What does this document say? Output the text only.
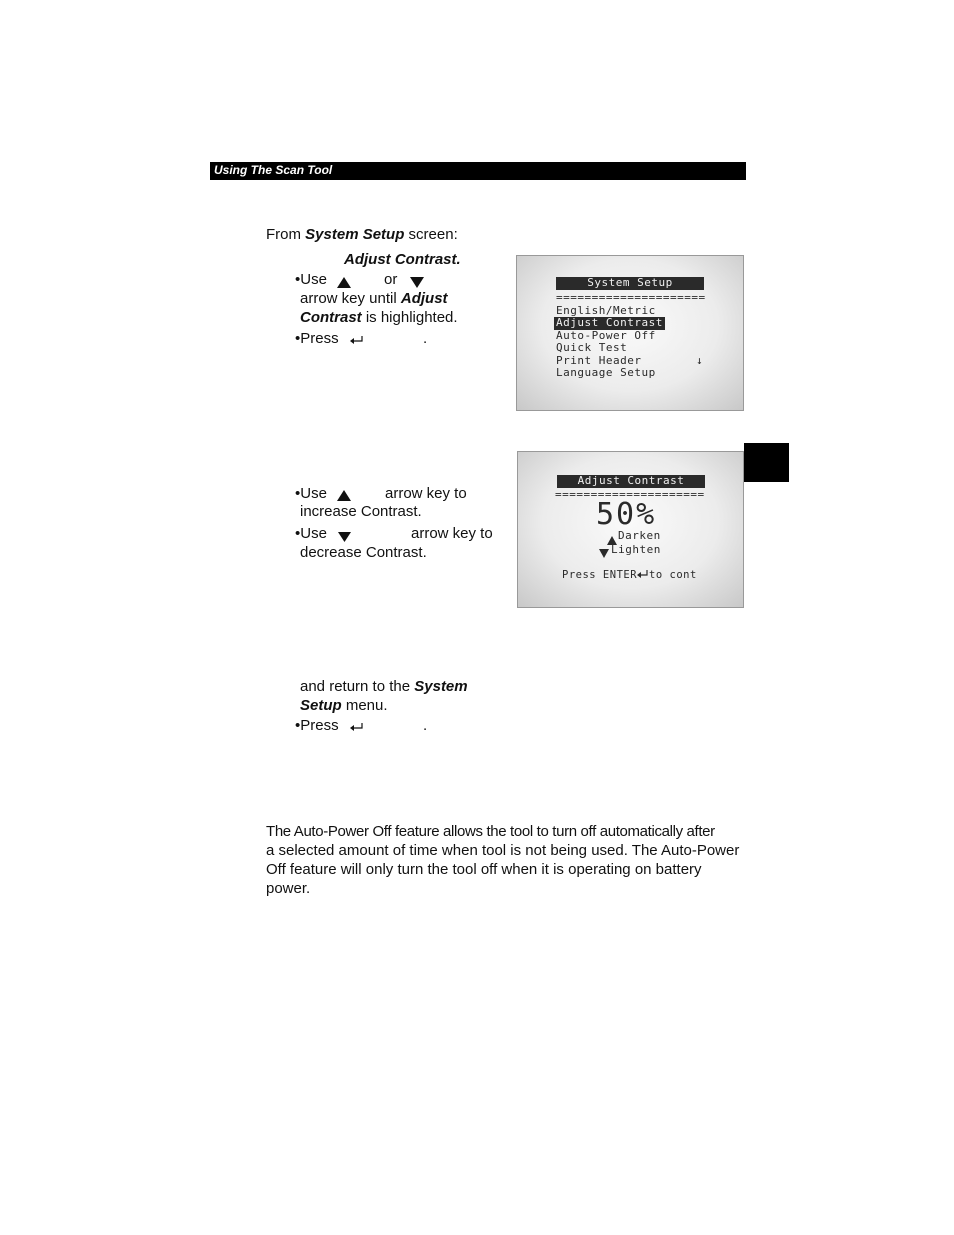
Using The Scan Tool
From System Setup screen:
Adjust Contrast.
•Use	or
arrow key until Adjust
Contrast is highlighted.
•Press	.
System Setup
=====================
English/Metric
Adjust Contrast
Auto-Power Off
Quick Test
Print Header	↓
Language Setup
•Use	arrow key to
increase Contrast.
•Use	arrow key to
decrease Contrast.
Adjust Contrast
=====================
50%
Darken
Lighten
Press ENTER to cont
and return to the System
Setup menu.
•Press	.
The Auto-Power Off feature allows the tool to turn off automatically after
a selected amount of time when tool is not being used. The Auto-Power
Off feature will only turn the tool off when it is operating on battery
power.
